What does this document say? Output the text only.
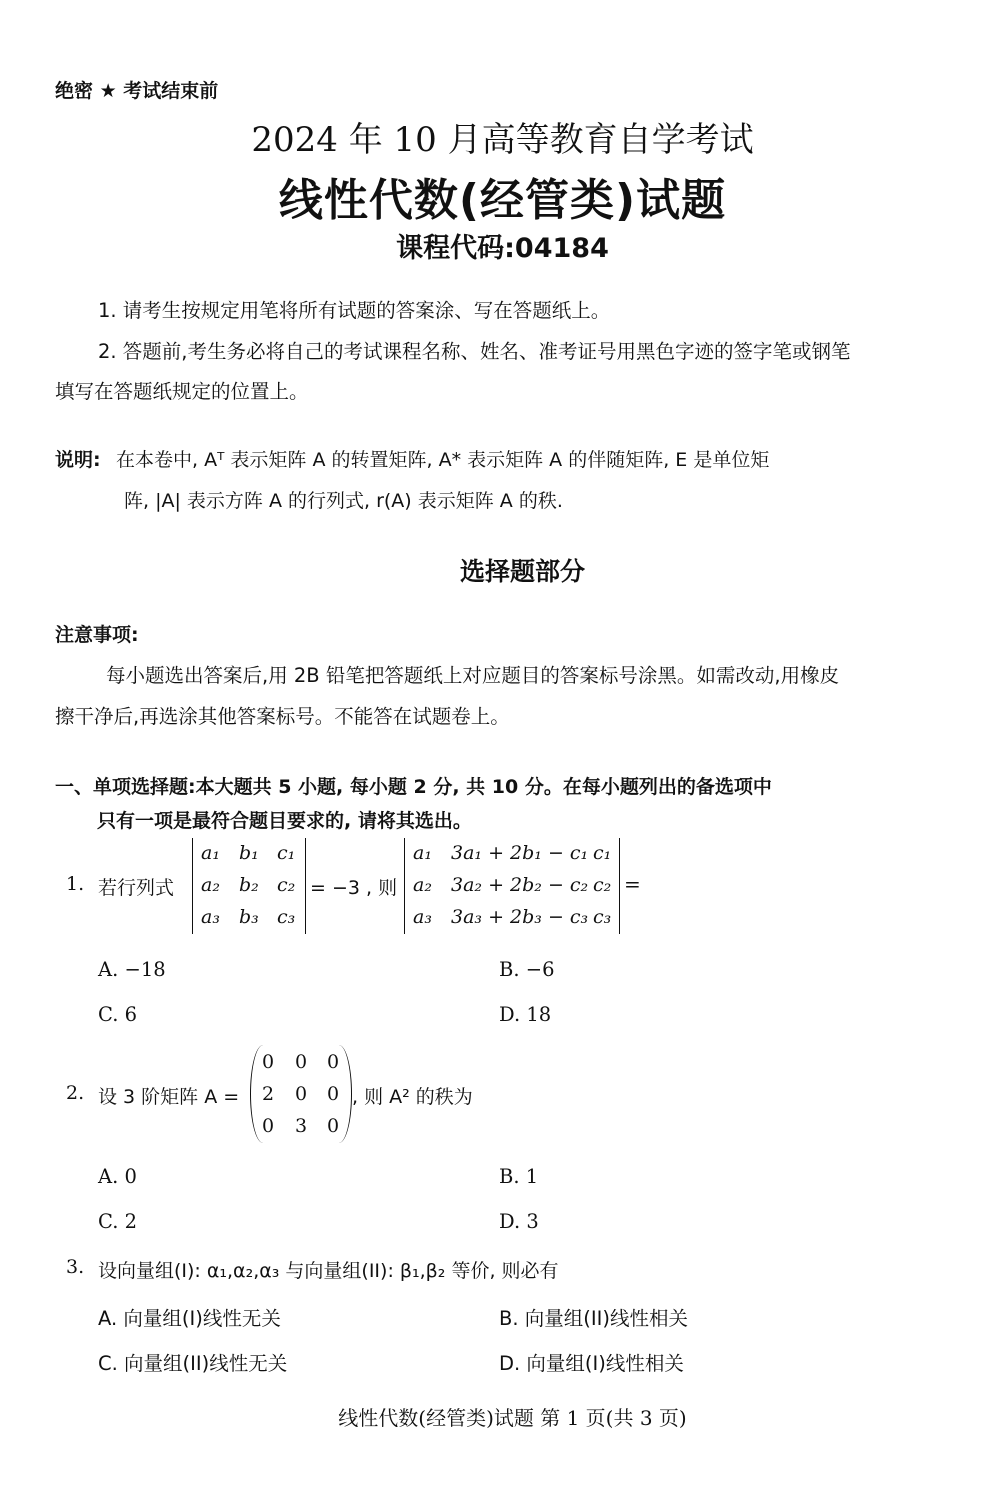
绝密 ★ 考试结束前
2024 年 10 月高等教育自学考试
线性代数(经管类)试题
课程代码:04184
1. 请考生按规定用笔将所有试题的答案涂、写在答题纸上。
2. 答题前,考生务必将自己的考试课程名称、姓名、准考证号用黑色字迹的签字笔或钢笔
填写在答题纸规定的位置上。
说明: 在本卷中, Aᵀ 表示矩阵 A 的转置矩阵, A* 表示矩阵 A 的伴随矩阵, E 是单位矩
阵, |A| 表示方阵 A 的行列式, r(A) 表示矩阵 A 的秩.
选择题部分
注意事项:
每小题选出答案后,用 2B 铅笔把答题纸上对应题目的答案标号涂黑。如需改动,用橡皮
擦干净后,再选涂其他答案标号。不能答在试题卷上。
一、单项选择题:本大题共 5 小题, 每小题 2 分, 共 10 分。在每小题列出的备选项中
只有一项是最符合题目要求的, 请将其选出。
1. 若行列式
a₁ b₁ c₁
a₂ b₂ c₂
a₃ b₃ c₃
= −3 , 则
a₁ 3a₁ + 2b₁ − c₁ c₁
a₂ 3a₂ + 2b₂ − c₂ c₂
a₃ 3a₃ + 2b₃ − c₃ c₃
=
A. −18	B. −6
C. 6	D. 18
2. 设 3 阶矩阵 A =
0 0 0
2 0 0
0 3 0
, 则 A² 的秩为
A. 0	B. 1
C. 2	D. 3
3. 设向量组(I): α₁,α₂,α₃ 与向量组(II): β₁,β₂ 等价, 则必有
A. 向量组(I)线性无关	B. 向量组(II)线性相关
C. 向量组(II)线性无关	D. 向量组(I)线性相关
线性代数(经管类)试题 第 1 页(共 3 页)
